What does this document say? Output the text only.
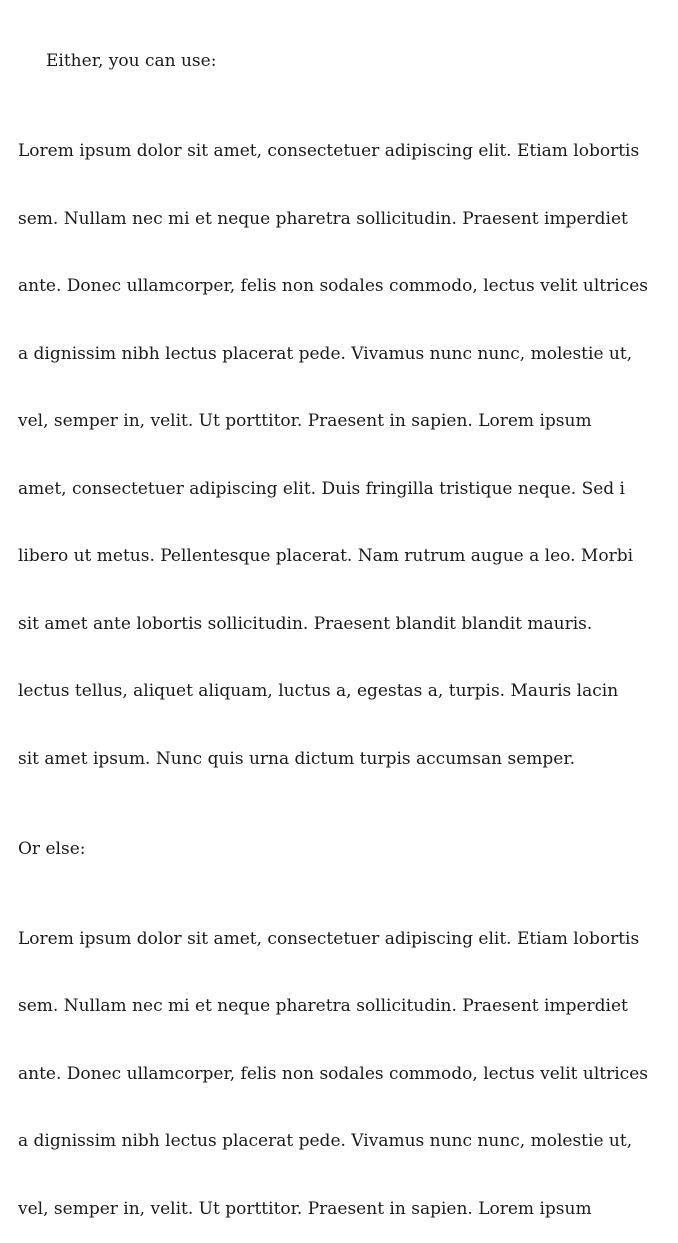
Either, you can use:

Lorem ipsum dolor sit amet, consectetuer adipiscing elit. Etiam lobortis

sem. Nullam nec mi et neque pharetra sollicitudin. Praesent imperdiet

ante. Donec ullamcorper, felis non sodales commodo, lectus velit ultrices

a dignissim nibh lectus placerat pede. Vivamus nunc nunc, molestie ut,

vel, semper in, velit. Ut porttitor. Praesent in sapien. Lorem ipsum

amet, consectetuer adipiscing elit. Duis fringilla tristique neque. Sed i

libero ut metus. Pellentesque placerat. Nam rutrum augue a leo. Morbi

sit amet ante lobortis sollicitudin. Praesent blandit blandit mauris.

lectus tellus, aliquet aliquam, luctus a, egestas a, turpis. Mauris lacin

sit amet ipsum. Nunc quis urna dictum turpis accumsan semper.

Or else:

Lorem ipsum dolor sit amet, consectetuer adipiscing elit. Etiam lobortis

sem. Nullam nec mi et neque pharetra sollicitudin. Praesent imperdiet

ante. Donec ullamcorper, felis non sodales commodo, lectus velit ultrices

a dignissim nibh lectus placerat pede. Vivamus nunc nunc, molestie ut,

vel, semper in, velit. Ut porttitor. Praesent in sapien. Lorem ipsum
